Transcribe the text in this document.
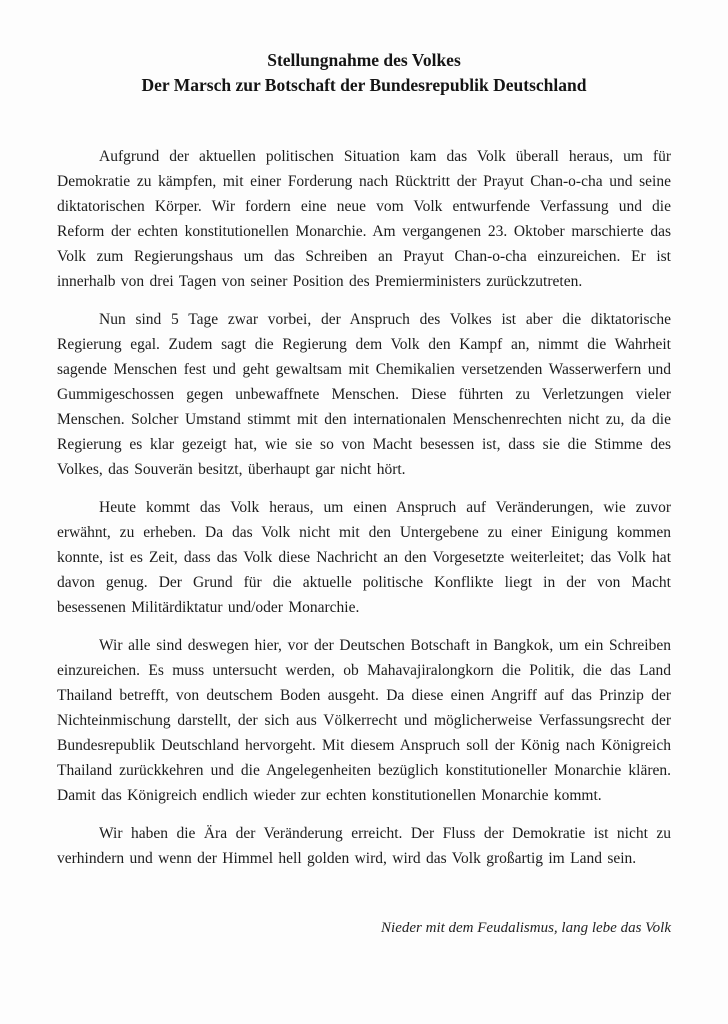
Stellungnahme des Volkes
Der Marsch zur Botschaft der Bundesrepublik Deutschland

Aufgrund der aktuellen politischen Situation kam das Volk überall heraus, um für Demokratie zu kämpfen, mit einer Forderung nach Rücktritt der Prayut Chan-o-cha und seine diktatorischen Körper. Wir fordern eine neue vom Volk entwurfende Verfassung und die Reform der echten konstitutionellen Monarchie. Am vergangenen 23. Oktober marschierte das Volk zum Regierungshaus um das Schreiben an Prayut Chan-o-cha einzureichen. Er ist innerhalb von drei Tagen von seiner Position des Premierministers zurückzutreten.

Nun sind 5 Tage zwar vorbei, der Anspruch des Volkes ist aber die diktatorische Regierung egal. Zudem sagt die Regierung dem Volk den Kampf an, nimmt die Wahrheit sagende Menschen fest und geht gewaltsam mit Chemikalien versetzenden Wasserwerfern und Gummigeschossen gegen unbewaffnete Menschen. Diese führten zu Verletzungen vieler Menschen. Solcher Umstand stimmt mit den internationalen Menschenrechten nicht zu, da die Regierung es klar gezeigt hat, wie sie so von Macht besessen ist, dass sie die Stimme des Volkes, das Souverän besitzt, überhaupt gar nicht hört.

Heute kommt das Volk heraus, um einen Anspruch auf Veränderungen, wie zuvor erwähnt, zu erheben. Da das Volk nicht mit den Untergebene zu einer Einigung kommen konnte, ist es Zeit, dass das Volk diese Nachricht an den Vorgesetzte weiterleitet; das Volk hat davon genug. Der Grund für die aktuelle politische Konflikte liegt in der von Macht besessenen Militärdiktatur und/oder Monarchie.

Wir alle sind deswegen hier, vor der Deutschen Botschaft in Bangkok, um ein Schreiben einzureichen. Es muss untersucht werden, ob Mahavajiralongkorn die Politik, die das Land Thailand betrefft, von deutschem Boden ausgeht. Da diese einen Angriff auf das Prinzip der Nichteinmischung darstellt, der sich aus Völkerrecht und möglicherweise Verfassungsrecht der Bundesrepublik Deutschland hervorgeht. Mit diesem Anspruch soll der König nach Königreich Thailand zurückkehren und die Angelegenheiten bezüglich konstitutioneller Monarchie klären. Damit das Königreich endlich wieder zur echten konstitutionellen Monarchie kommt.

Wir haben die Ära der Veränderung erreicht. Der Fluss der Demokratie ist nicht zu verhindern und wenn der Himmel hell golden wird, wird das Volk großartig im Land sein.

Nieder mit dem Feudalismus, lang lebe das Volk
